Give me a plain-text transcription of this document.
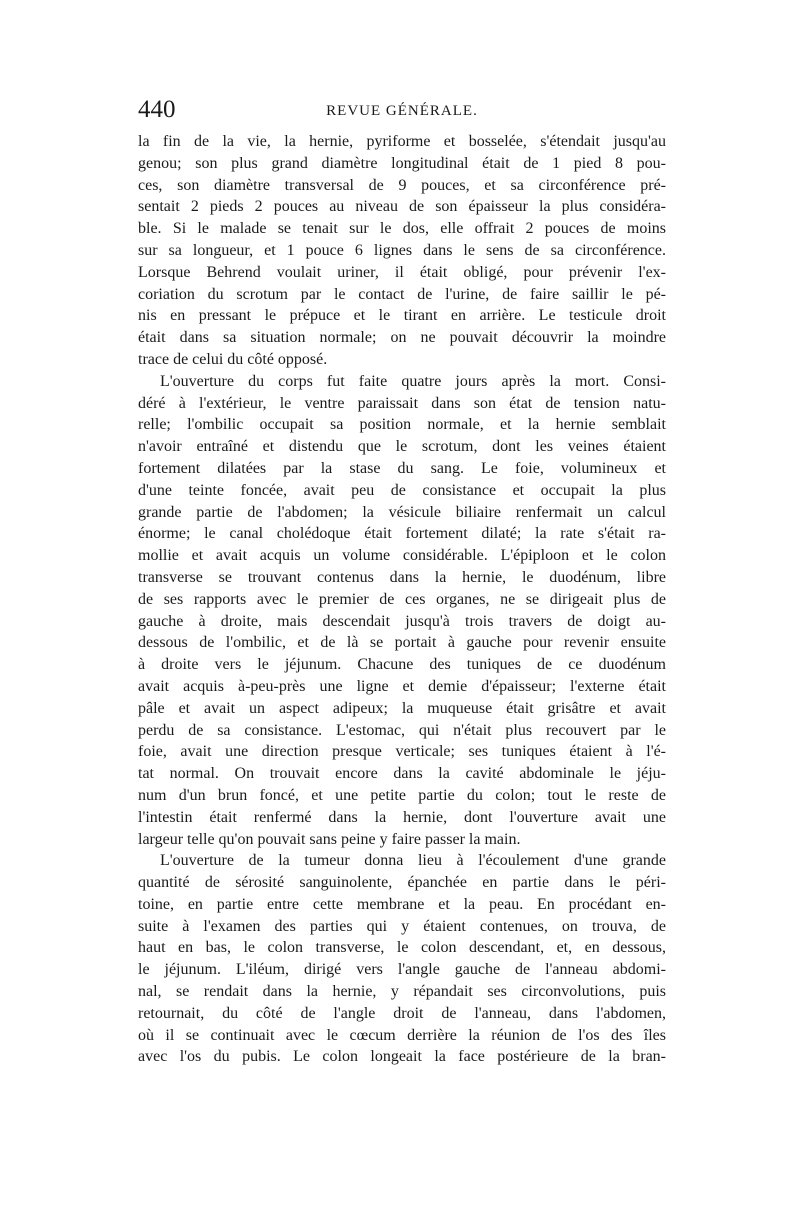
440	REVUE GÉNÉRALE.

la fin de la vie, la hernie, pyriforme et bosselée, s'étendait jusqu'au
genou; son plus grand diamètre longitudinal était de 1 pied 8 pou-
ces, son diamètre transversal de 9 pouces, et sa circonférence pré-
sentait 2 pieds 2 pouces au niveau de son épaisseur la plus considéra-
ble. Si le malade se tenait sur le dos, elle offrait 2 pouces de moins
sur sa longueur, et 1 pouce 6 lignes dans le sens de sa circonférence.
Lorsque Behrend voulait uriner, il était obligé, pour prévenir l'ex-
coriation du scrotum par le contact de l'urine, de faire saillir le pé-
nis en pressant le prépuce et le tirant en arrière. Le testicule droit
était dans sa situation normale; on ne pouvait découvrir la moindre
trace de celui du côté opposé.

L'ouverture du corps fut faite quatre jours après la mort. Consi-
déré à l'extérieur, le ventre paraissait dans son état de tension natu-
relle; l'ombilic occupait sa position normale, et la hernie semblait
n'avoir entraîné et distendu que le scrotum, dont les veines étaient
fortement dilatées par la stase du sang. Le foie, volumineux et
d'une teinte foncée, avait peu de consistance et occupait la plus
grande partie de l'abdomen; la vésicule biliaire renfermait un calcul
énorme; le canal cholédoque était fortement dilaté; la rate s'était ra-
mollie et avait acquis un volume considérable. L'épiploon et le colon
transverse se trouvant contenus dans la hernie, le duodénum, libre
de ses rapports avec le premier de ces organes, ne se dirigeait plus de
gauche à droite, mais descendait jusqu'à trois travers de doigt au-
dessous de l'ombilic, et de là se portait à gauche pour revenir ensuite
à droite vers le jéjunum. Chacune des tuniques de ce duodénum
avait acquis à-peu-près une ligne et demie d'épaisseur; l'externe était
pâle et avait un aspect adipeux; la muqueuse était grisâtre et avait
perdu de sa consistance. L'estomac, qui n'était plus recouvert par le
foie, avait une direction presque verticale; ses tuniques étaient à l'é-
tat normal. On trouvait encore dans la cavité abdominale le jéju-
num d'un brun foncé, et une petite partie du colon; tout le reste de
l'intestin était renfermé dans la hernie, dont l'ouverture avait une
largeur telle qu'on pouvait sans peine y faire passer la main.

L'ouverture de la tumeur donna lieu à l'écoulement d'une grande
quantité de sérosité sanguinolente, épanchée en partie dans le péri-
toine, en partie entre cette membrane et la peau. En procédant en-
suite à l'examen des parties qui y étaient contenues, on trouva, de
haut en bas, le colon transverse, le colon descendant, et, en dessous,
le jéjunum. L'iléum, dirigé vers l'angle gauche de l'anneau abdomi-
nal, se rendait dans la hernie, y répandait ses circonvolutions, puis
retournait, du côté de l'angle droit de l'anneau, dans l'abdomen,
où il se continuait avec le cœcum derrière la réunion de l'os des îles
avec l'os du pubis. Le colon longeait la face postérieure de la bran-
